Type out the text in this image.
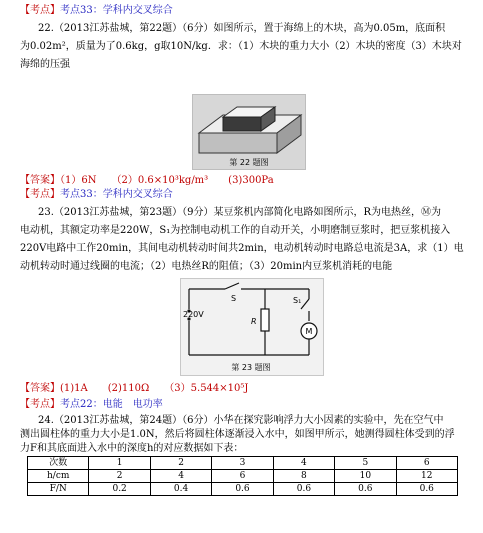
【考点】考点33：学科内交叉综合
22.（2013江苏盐城，第22题）（6分）如图所示，置于海绵上的木块，高为0.05m，底面积
为0.02m²，质量为了0.6kg，g取10N/kg．求：（1）木块的重力大小（2）木块的密度（3）木块对
海绵的压强
第 22 题图
【答案】（1）6N　　（2）0.6×10³kg/m³　　(3)300Pa
【考点】考点33：学科内交叉综合
23.（2013江苏盐城，第23题）（9分）某豆浆机内部简化电路如图所示，R为电热丝，Ⓜ为
电动机，其额定功率是220W，S₁为控制电动机工作的自动开关，小明磨制豆浆时，把豆浆机接入
220V电路中工作20min，其间电动机转动时间共2min，电动机转动时电路总电流是3A，求（1）电
动机转动时通过线圈的电流；（2）电热丝R的阻值；（3）20min内豆浆机消耗的电能
S	S₁
220V
R
M
第 23 题图
【答案】(1)1A　　(2)110Ω　　（3）5.544×10⁵J
【考点】考点22：电能　电功率
24.（2013江苏盐城，第24题）（6分）小华在探究影响浮力大小因素的实验中，先在空气中
测出圆柱体的重力大小是1.0N，然后将圆柱体逐渐浸入水中，如图甲所示，她测得圆柱体受到的浮
力F和其底面进入水中的深度h的对应数据如下表：
次数	1	2	3	4	5	6
h/cm	2	4	6	8	10	12
F/N	0.2	0.4	0.6	0.6	0.6	0.6
